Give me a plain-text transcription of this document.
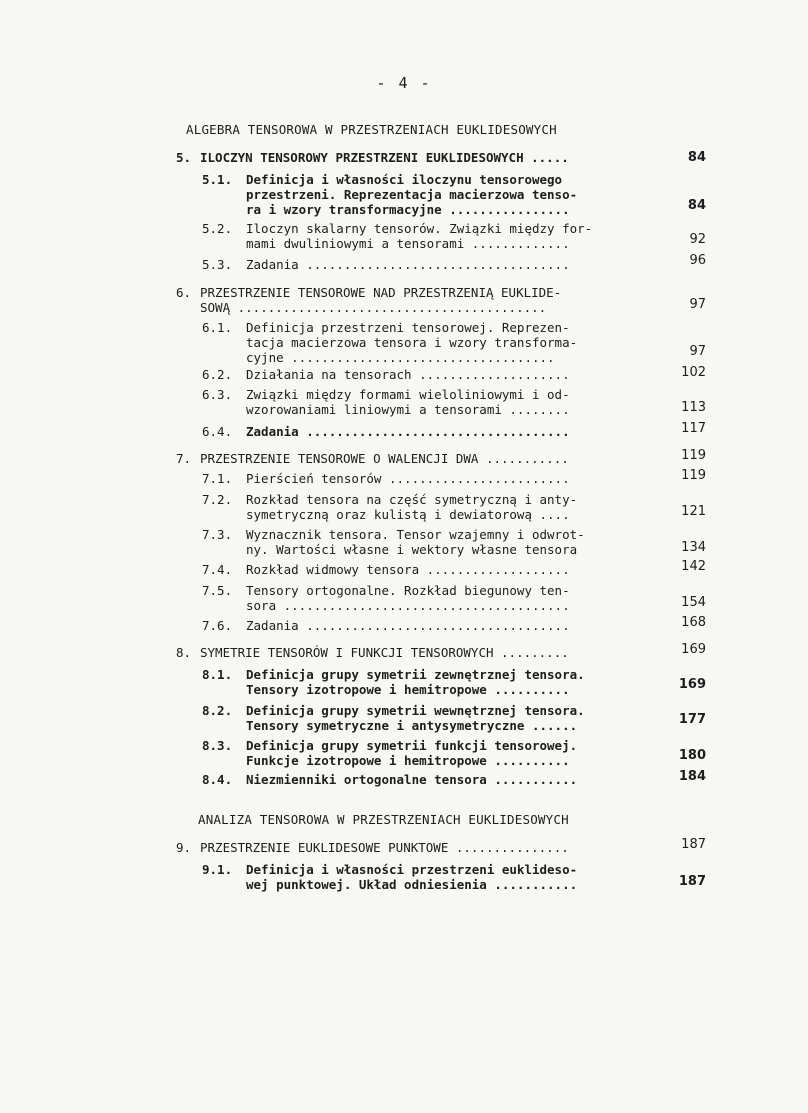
- 4 -
ALGEBRA TENSOROWA W PRZESTRZENIACH EUKLIDESOWYCH
5. ILOCZYN TENSOROWY PRZESTRZENI EUKLIDESOWYCH .....	84
5.1. Definicja i własności iloczynu tensorowego
przestrzeni. Reprezentacja macierzowa tenso-
ra i wzory transformacyjne ................	84
5.2. Iloczyn skalarny tensorów. Związki między for-
mami dwuliniowymi a tensorami .............	92
5.3. Zadania ...................................	96
6. PRZESTRZENIE TENSOROWE NAD PRZESTRZENIĄ EUKLIDE-
SOWĄ .........................................	97
6.1. Definicja przestrzeni tensorowej. Reprezen-
tacja macierzowa tensora i wzory transforma-
cyjne ...................................	97
6.2. Działania na tensorach ....................	102
6.3. Związki między formami wieloliniowymi i od-
wzorowaniami liniowymi a tensorami ........	113
6.4. Zadania ...................................	117
7. PRZESTRZENIE TENSOROWE O WALENCJI DWA ...........	119
7.1. Pierścień tensorów ........................	119
7.2. Rozkład tensora na część symetryczną i anty-
symetryczną oraz kulistą i dewiatorową ....	121
7.3. Wyznacznik tensora. Tensor wzajemny i odwrot-
ny. Wartości własne i wektory własne tensora	134
7.4. Rozkład widmowy tensora ...................	142
7.5. Tensory ortogonalne. Rozkład biegunowy ten-
sora ......................................	154
7.6. Zadania ...................................	168
8. SYMETRIE TENSORÓW I FUNKCJI TENSOROWYCH .........	169
8.1. Definicja grupy symetrii zewnętrznej tensora.
Tensory izotropowe i hemitropowe ..........	169
8.2. Definicja grupy symetrii wewnętrznej tensora.
Tensory symetryczne i antysymetryczne ......	177
8.3. Definicja grupy symetrii funkcji tensorowej.
Funkcje izotropowe i hemitropowe ..........	180
8.4. Niezmienniki ortogonalne tensora ...........	184
ANALIZA TENSOROWA W PRZESTRZENIACH EUKLIDESOWYCH
9. PRZESTRZENIE EUKLIDESOWE PUNKTOWE ...............	187
9.1. Definicja i własności przestrzeni euklideso-
wej punktowej. Układ odniesienia ...........	187
